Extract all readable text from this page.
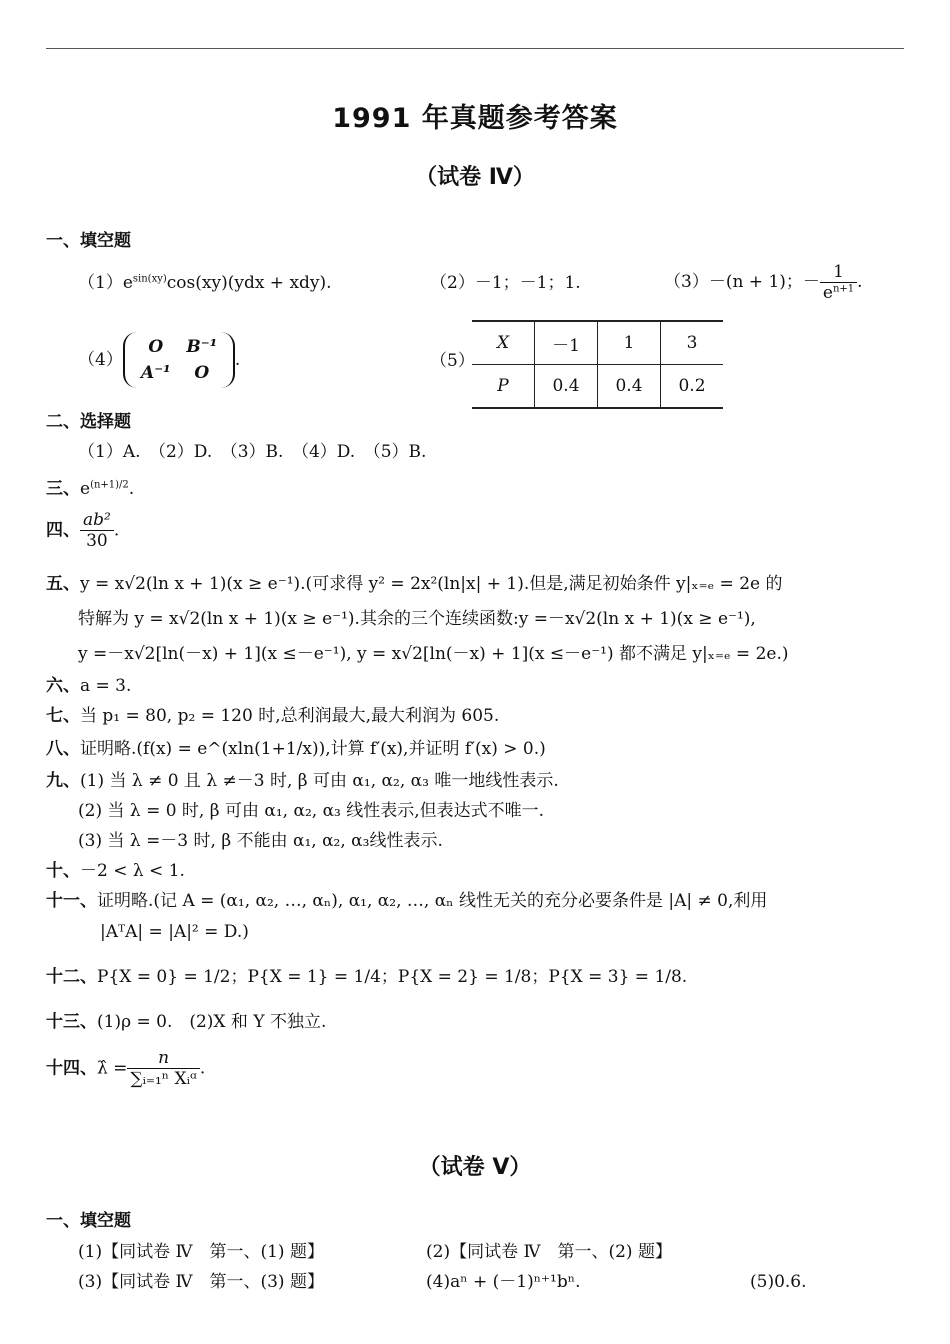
1991 年真题参考答案
（试卷 Ⅳ）
一、填空题
$(1)e^{sin(xy)}\cos(xy)(ydx + xdy)$.	（2）－1；－1；1.	（3）－(n + 1)；－ $\frac{1}{e^{n+1}}$ .
（4）O B⁻¹
A⁻¹ O.	（5）
X	－1	1	3
P	0.4	0.4	0.2
二、选择题
（1）A.　（2）D.　（3）B.　（4）D.　（5）B.
三、$e^{(n+1)/2}$.
四、 $\frac{\text{ab²}}{30}$ .
五、y = x√2(ln x + 1)(x ≥ e⁻¹).(可求得 y² = 2x²(ln|x| + 1).但是,满足初始条件 y|ₓ₌ₑ = 2e 的
特解为 y = x√2(ln x + 1)(x ≥ e⁻¹).其余的三个连续函数:y =－x√2(ln x + 1)(x ≥ e⁻¹),
y =－x√2[ln(－x) + 1](x ≤－e⁻¹), y = x√2[ln(－x) + 1](x ≤－e⁻¹) 都不满足 y|ₓ₌ₑ = 2e.)
六、a = 3.
七、当 p₁ = 80, p₂ = 120 时,总利润最大,最大利润为 605.
八、证明略.(f(x) = e^(xln(1+1/x)),计算 f′(x),并证明 f′(x) > 0.)
九、(1) 当 λ ≠ 0 且 λ ≠－3 时, β 可由 α₁, α₂, α₃ 唯一地线性表示.
(2) 当 λ = 0 时, β 可由 α₁, α₂, α₃ 线性表示,但表达式不唯一.
(3) 当 λ =－3 时, β 不能由 α₁, α₂, α₃线性表示.
十、－2 < λ < 1.
十一、证明略.(记 A = (α₁, α₂, …, αₙ), α₁, α₂, …, αₙ 线性无关的充分必要条件是 |A| ≠ 0,利用
|AᵀA| = |A|² = D.)
十二、P{X = 0} = 1/2；P{X = 1} = 1/4；P{X = 2} = 1/8；P{X = 3} = 1/8.
十三、(1)ρ = 0.　(2)X 和 Y 不独立.
十四、λ̂ = $\frac{n}{\text{∑ᵢ₌₁ⁿ Xᵢᵅ}}$ .
（试卷 Ⅴ）
一、填空题
(1)【同试卷 Ⅳ　第一、(1) 题】	(2)【同试卷 Ⅳ　第一、(2) 题】
(3)【同试卷 Ⅳ　第一、(3) 题】	(4)aⁿ + (－1)ⁿ⁺¹bⁿ.	(5)0.6.
